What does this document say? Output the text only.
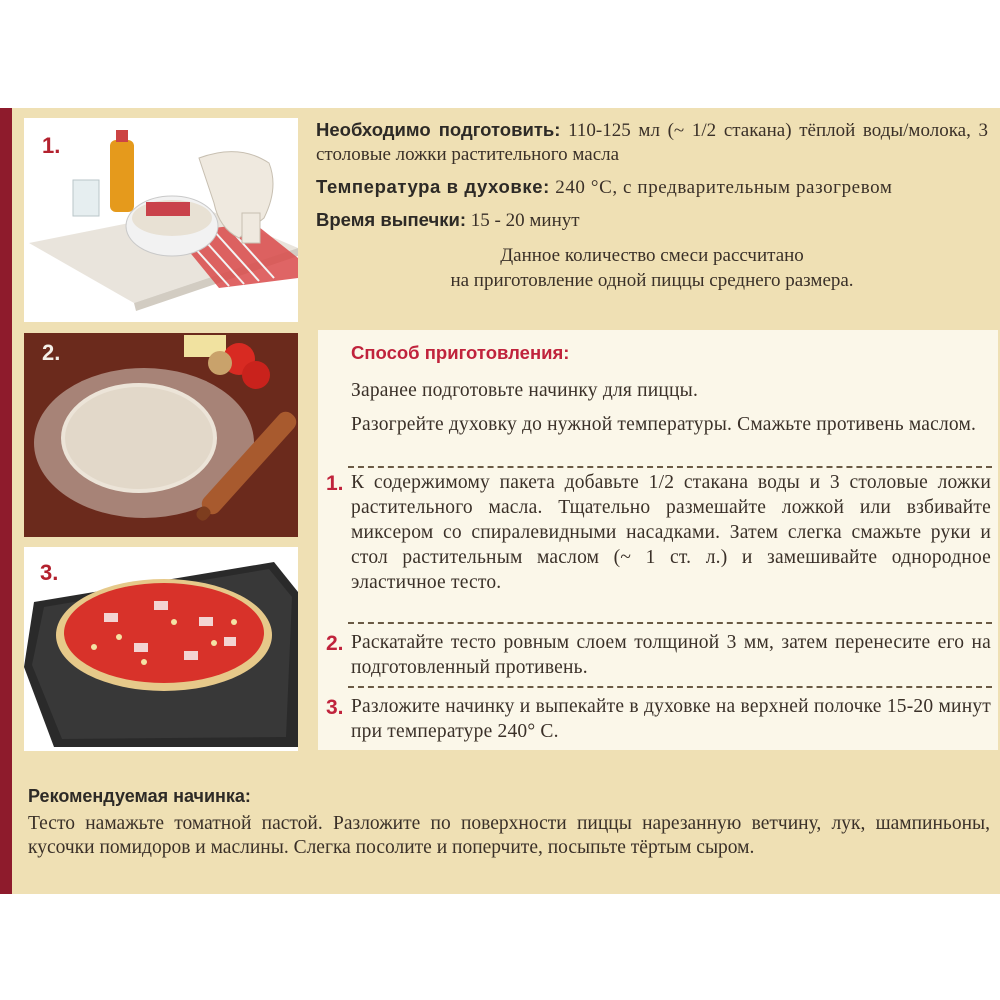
1.
2.
3.

Необходимо подготовить: 110-125 мл (~ 1/2 стакана) тёплой воды/молока, 3 столовые ложки растительного масла

Температура в духовке: 240 °С, с предварительным разогревом

Время выпечки: 15 - 20 минут

Данное количество смеси рассчитано
на приготовление одной пиццы среднего размера.

Способ приготовления:
Заранее подготовьте начинку для пиццы.
Разогрейте духовку до нужной температуры. Смажьте противень маслом.
1. К содержимому пакета добавьте 1/2 стакана воды и 3 столовые ложки растительного масла. Тщательно размешайте ложкой или взбивайте миксером со спиралевидными насадками. Затем слегка смажьте руки и стол растительным маслом (~ 1 ст. л.) и замешивайте однородное эластичное тесто.
2. Раскатайте тесто ровным слоем толщиной 3 мм, затем перенесите его на подготовленный противень.
3. Разложите начинку и выпекайте в духовке на верхней полочке 15-20 минут при температуре 240° С.
Рекомендуемая начинка:
Тесто намажьте томатной пастой. Разложите по поверхности пиццы нарезанную ветчину, лук, шампиньоны, кусочки помидоров и маслины. Слегка посолите и поперчите, посыпьте тёртым сыром.
